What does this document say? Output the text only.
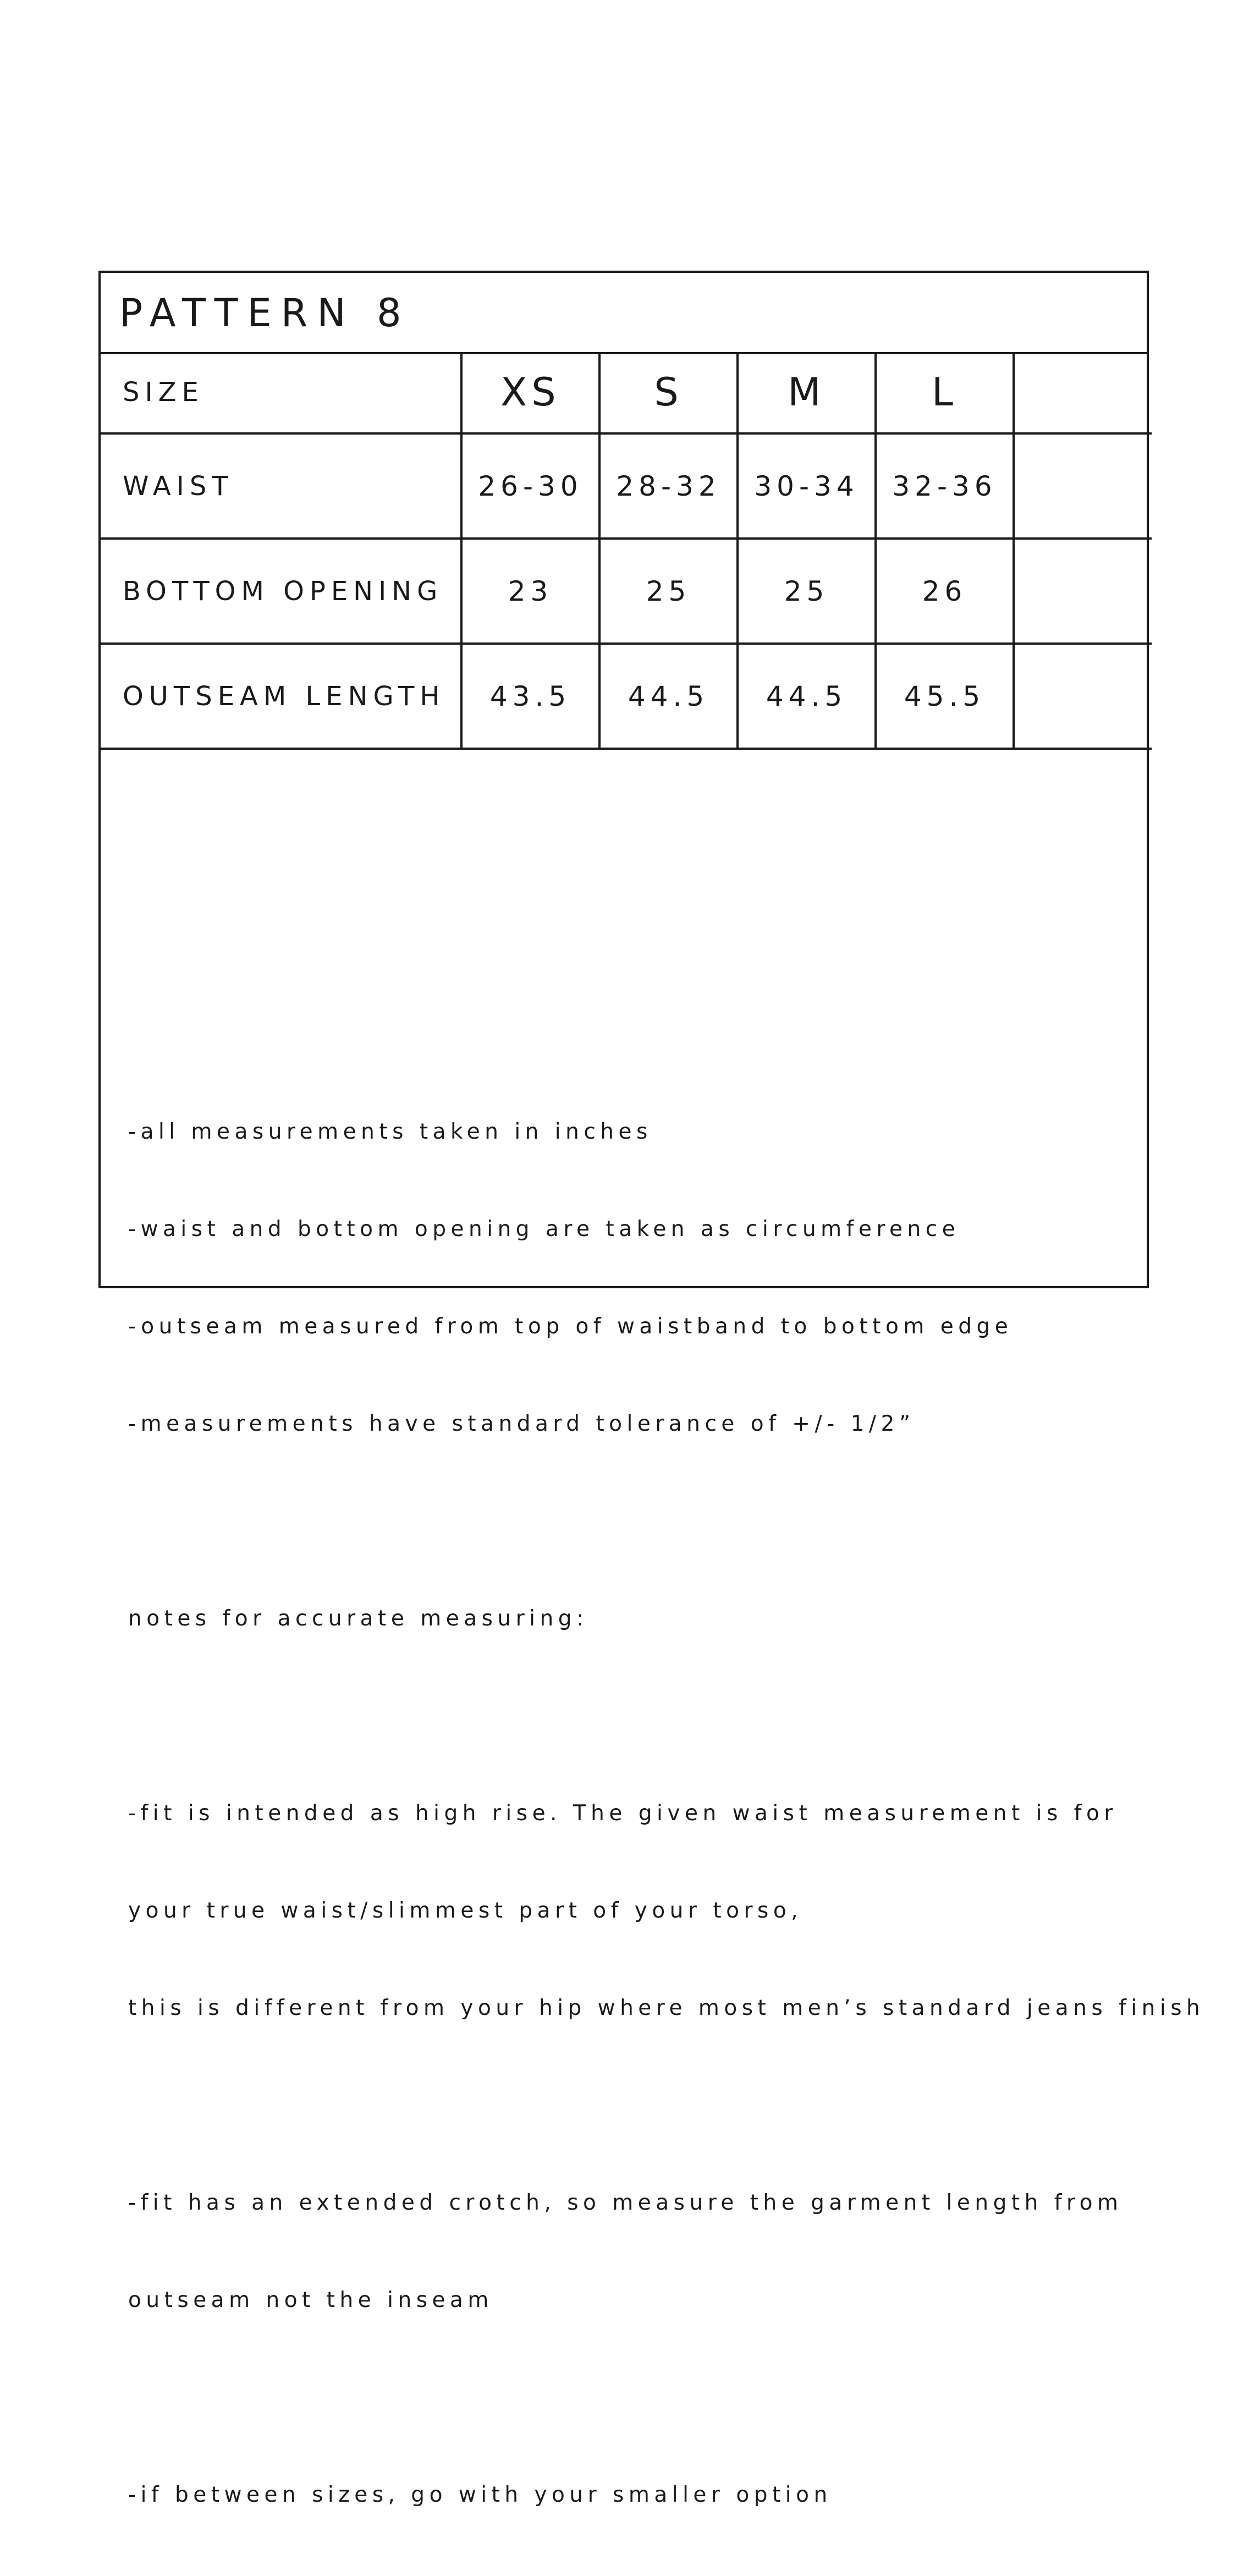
PATTERN 8
SIZE	XS	S	M	L	
WAIST	26-30	28-32	30-34	32-36	
BOTTOM OPENING	23	25	25	26	
OUTSEAM LENGTH	43.5	44.5	44.5	45.5	

-all measurements taken in inches

-waist and bottom opening are taken as circumference

-outseam measured from top of waistband to bottom edge

-measurements have standard tolerance of +/- 1/2”

notes for accurate measuring:

-fit is intended as high rise. The given waist measurement is for

your true waist/slimmest part of your torso,

this is different from your hip where most men’s standard jeans finish

-fit has an extended crotch, so measure the garment length from

outseam not the inseam

-if between sizes, go with your smaller option
